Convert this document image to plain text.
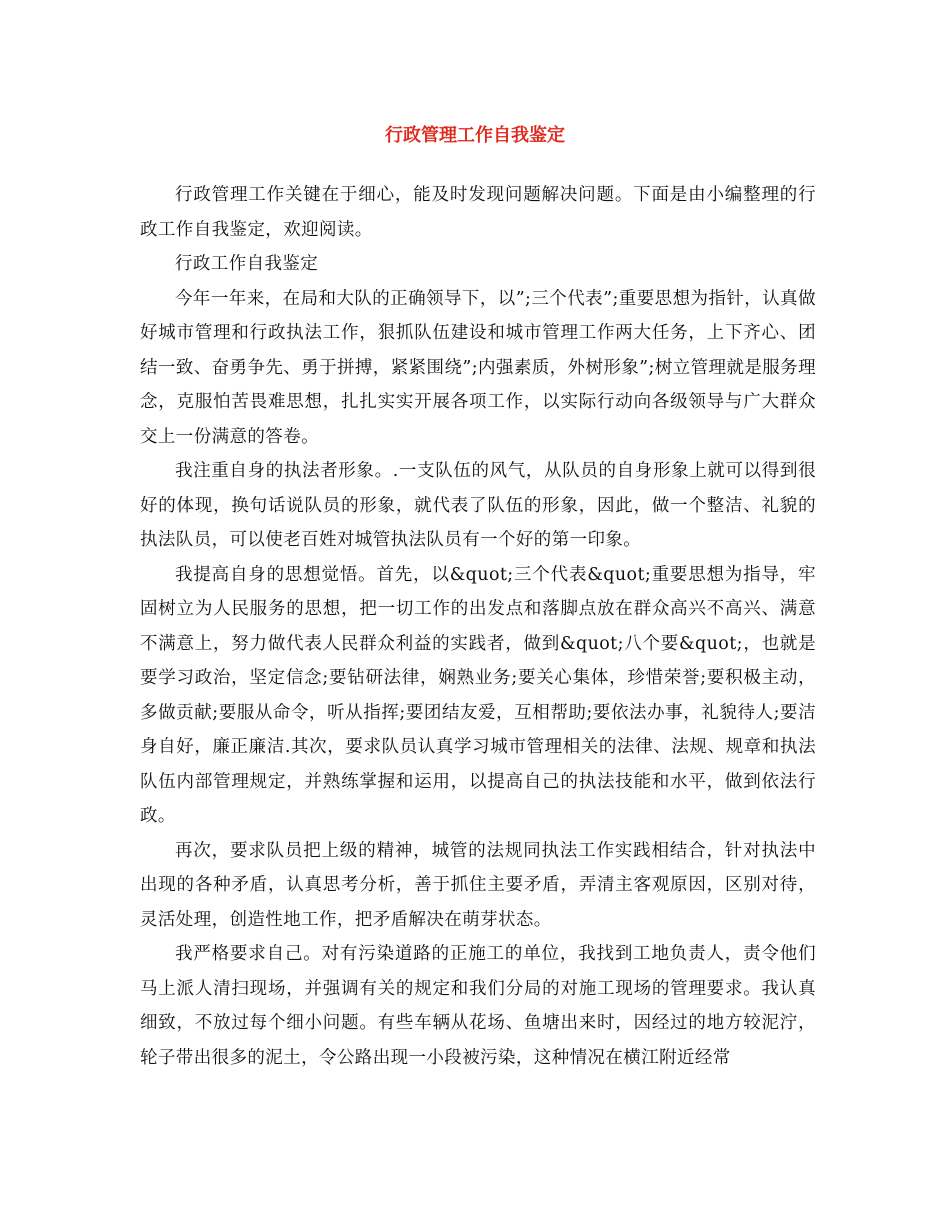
行政管理工作自我鉴定

行政管理工作关键在于细心，能及时发现问题解决问题。下面是由小编整理的行政工作自我鉴定，欢迎阅读。

行政工作自我鉴定

今年一年来，在局和大队的正确领导下，以”;三个代表”;重要思想为指针，认真做好城市管理和行政执法工作，狠抓队伍建设和城市管理工作两大任务，上下齐心、团结一致、奋勇争先、勇于拼搏，紧紧围绕”;内强素质，外树形象”;树立管理就是服务理念，克服怕苦畏难思想，扎扎实实开展各项工作，以实际行动向各级领导与广大群众交上一份满意的答卷。

我注重自身的执法者形象。.一支队伍的风气，从队员的自身形象上就可以得到很好的体现，换句话说队员的形象，就代表了队伍的形象，因此，做一个整洁、礼貌的执法队员，可以使老百姓对城管执法队员有一个好的第一印象。

我提高自身的思想觉悟。首先，以&quot;三个代表&quot;重要思想为指导，牢固树立为人民服务的思想，把一切工作的出发点和落脚点放在群众高兴不高兴、满意不满意上，努力做代表人民群众利益的实践者，做到&quot;八个要&quot;，也就是要学习政治，坚定信念;要钻研法律，娴熟业务;要关心集体，珍惜荣誉;要积极主动，多做贡献;要服从命令，听从指挥;要团结友爱，互相帮助;要依法办事，礼貌待人;要洁身自好，廉正廉洁.其次，要求队员认真学习城市管理相关的法律、法规、规章和执法队伍内部管理规定，并熟练掌握和运用，以提高自己的执法技能和水平，做到依法行政。

再次，要求队员把上级的精神，城管的法规同执法工作实践相结合，针对执法中出现的各种矛盾，认真思考分析，善于抓住主要矛盾，弄清主客观原因，区别对待，灵活处理，创造性地工作，把矛盾解决在萌芽状态。

我严格要求自己。对有污染道路的正施工的单位，我找到工地负责人，责令他们马上派人清扫现场，并强调有关的规定和我们分局的对施工现场的管理要求。我认真细致，不放过每个细小问题。有些车辆从花场、鱼塘出来时，因经过的地方较泥泞，轮子带出很多的泥土，令公路出现一小段被污染，这种情况在横江附近经常
